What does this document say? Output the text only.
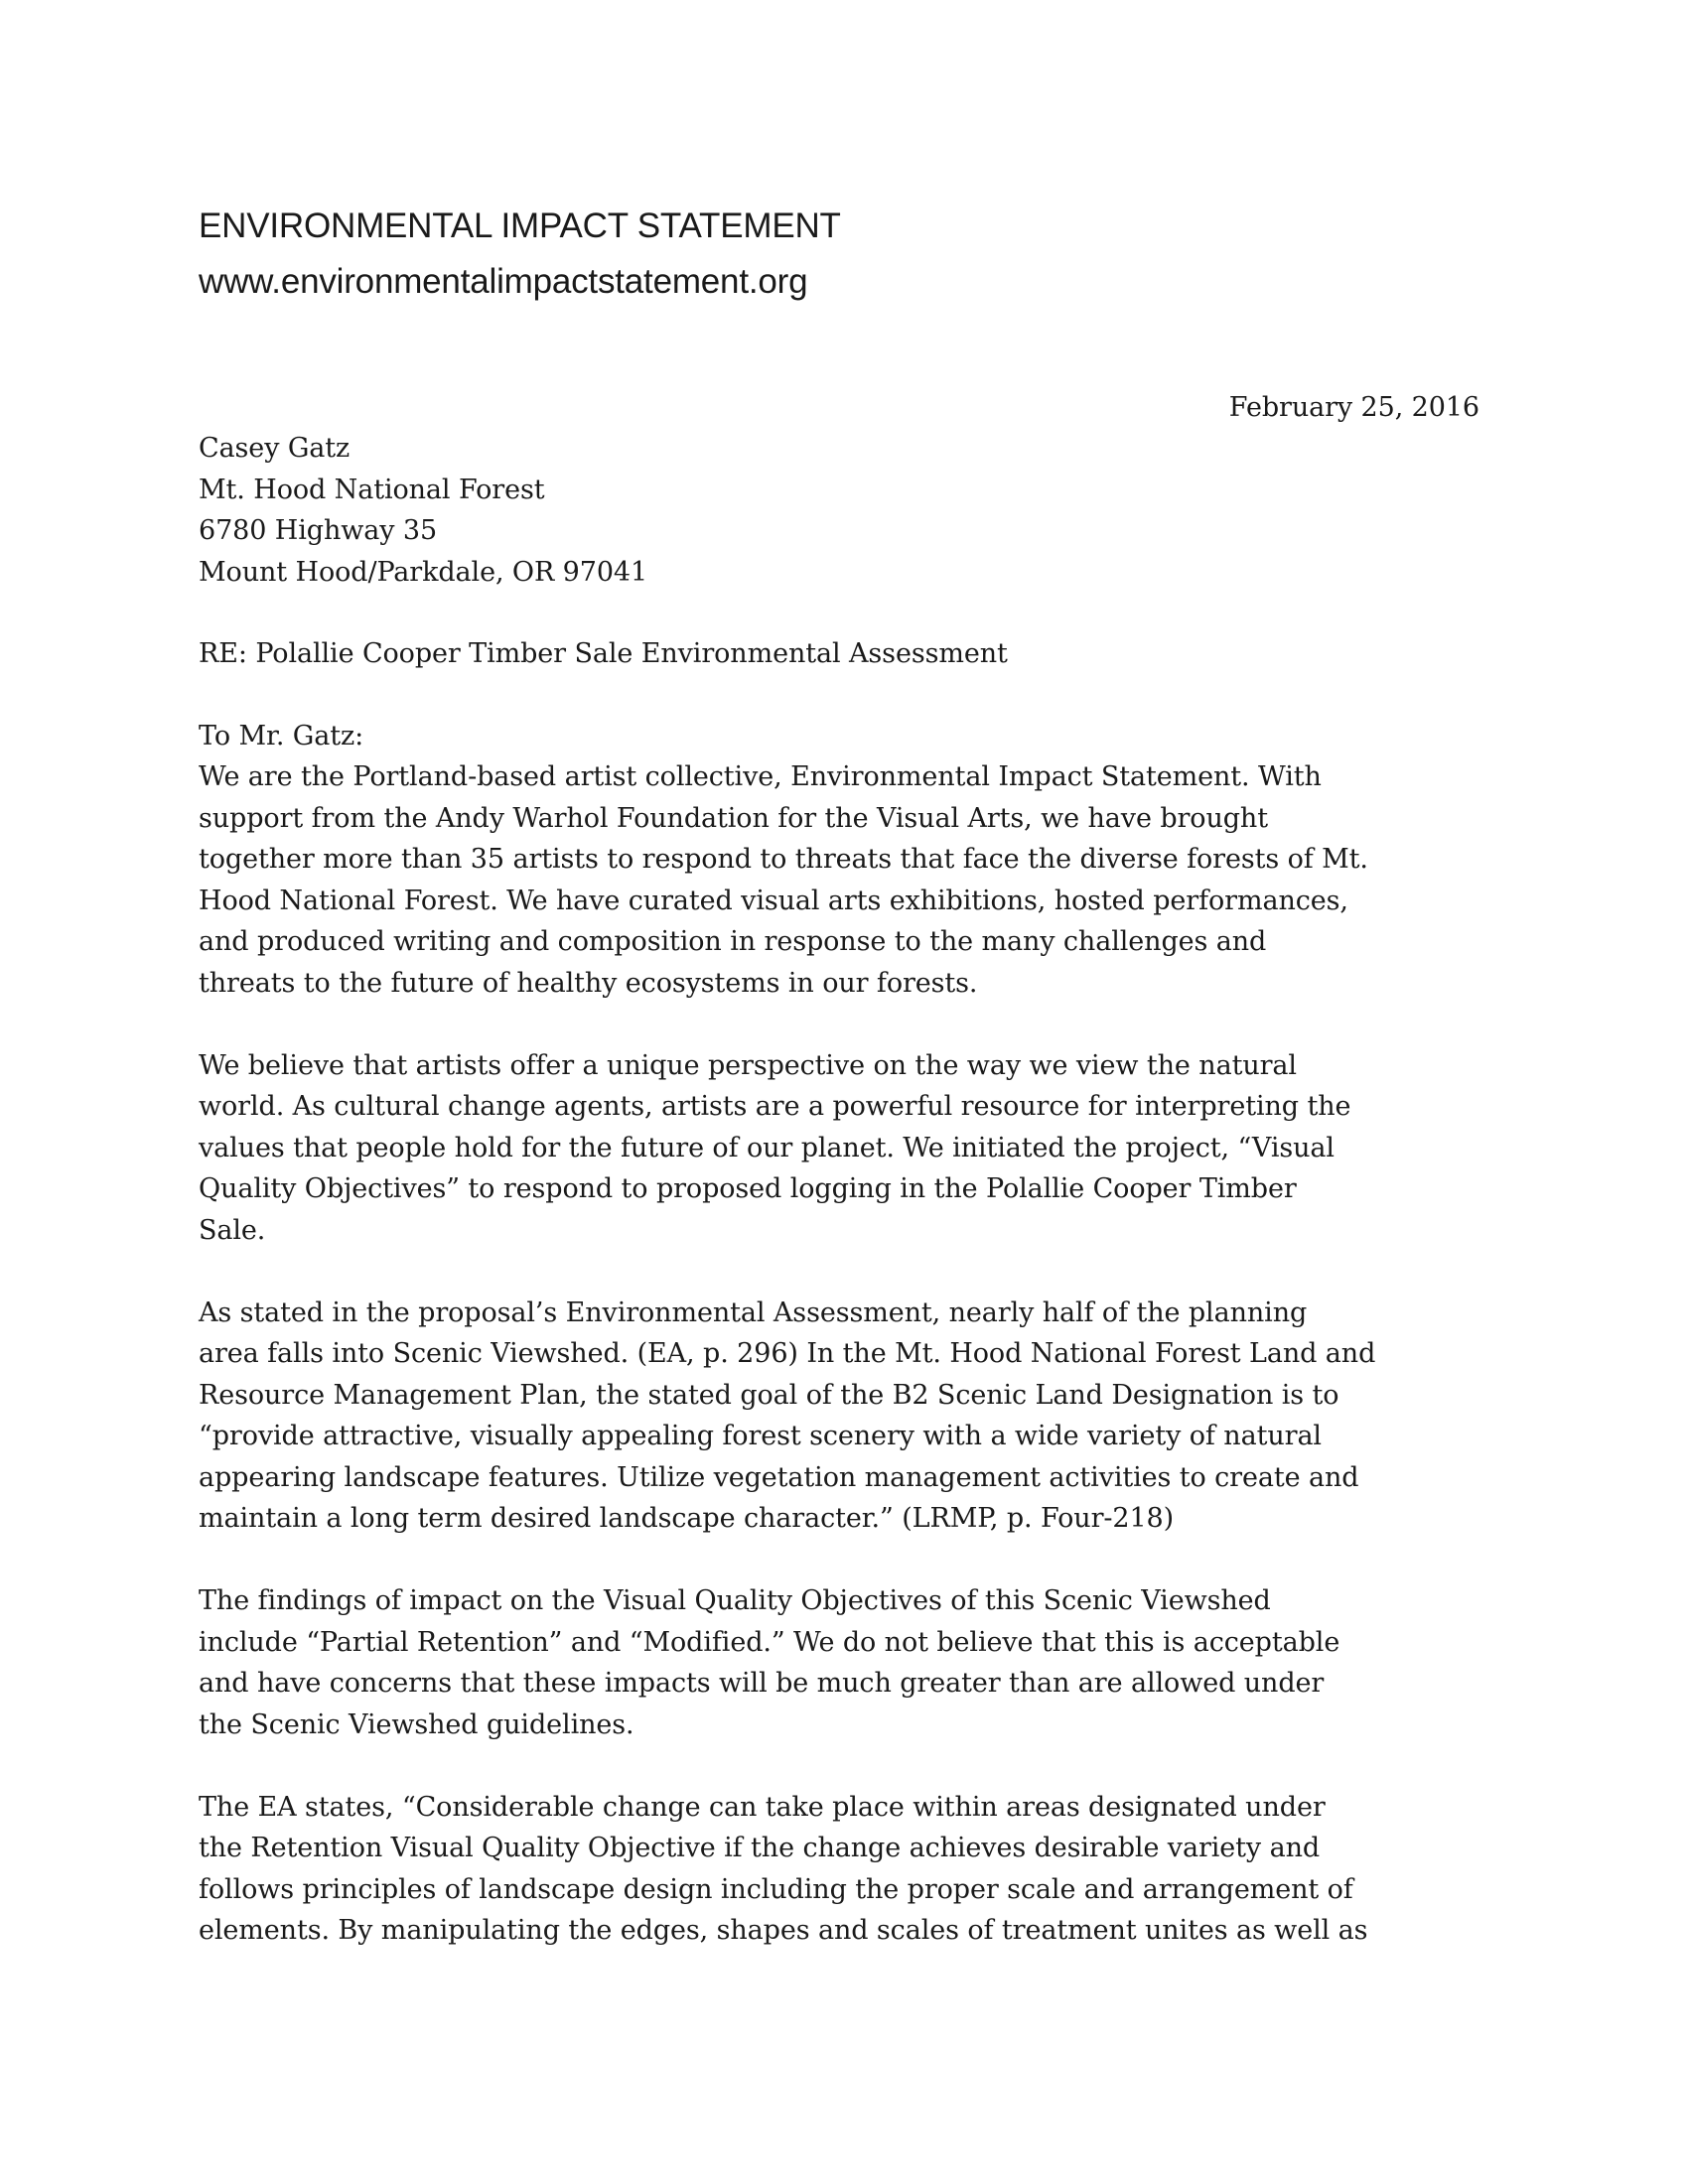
ENVIRONMENTAL IMPACT STATEMENT
www.environmentalimpactstatement.org

February 25, 2016

Casey Gatz
Mt. Hood National Forest
6780 Highway 35
Mount Hood/Parkdale, OR 97041

RE: Polallie Cooper Timber Sale Environmental Assessment

To Mr. Gatz:

We are the Portland-based artist collective, Environmental Impact Statement. With
support from the Andy Warhol Foundation for the Visual Arts, we have brought
together more than 35 artists to respond to threats that face the diverse forests of Mt.
Hood National Forest. We have curated visual arts exhibitions, hosted performances,
and produced writing and composition in response to the many challenges and
threats to the future of healthy ecosystems in our forests.

We believe that artists offer a unique perspective on the way we view the natural
world. As cultural change agents, artists are a powerful resource for interpreting the
values that people hold for the future of our planet. We initiated the project, “Visual
Quality Objectives” to respond to proposed logging in the Polallie Cooper Timber
Sale.

As stated in the proposal’s Environmental Assessment, nearly half of the planning
area falls into Scenic Viewshed. (EA, p. 296) In the Mt. Hood National Forest Land and
Resource Management Plan, the stated goal of the B2 Scenic Land Designation is to
“provide attractive, visually appealing forest scenery with a wide variety of natural
appearing landscape features. Utilize vegetation management activities to create and
maintain a long term desired landscape character.” (LRMP, p. Four-218)

The findings of impact on the Visual Quality Objectives of this Scenic Viewshed
include “Partial Retention” and “Modified.” We do not believe that this is acceptable
and have concerns that these impacts will be much greater than are allowed under
the Scenic Viewshed guidelines.

The EA states, “Considerable change can take place within areas designated under
the Retention Visual Quality Objective if the change achieves desirable variety and
follows principles of landscape design including the proper scale and arrangement of
elements. By manipulating the edges, shapes and scales of treatment unites as well as
